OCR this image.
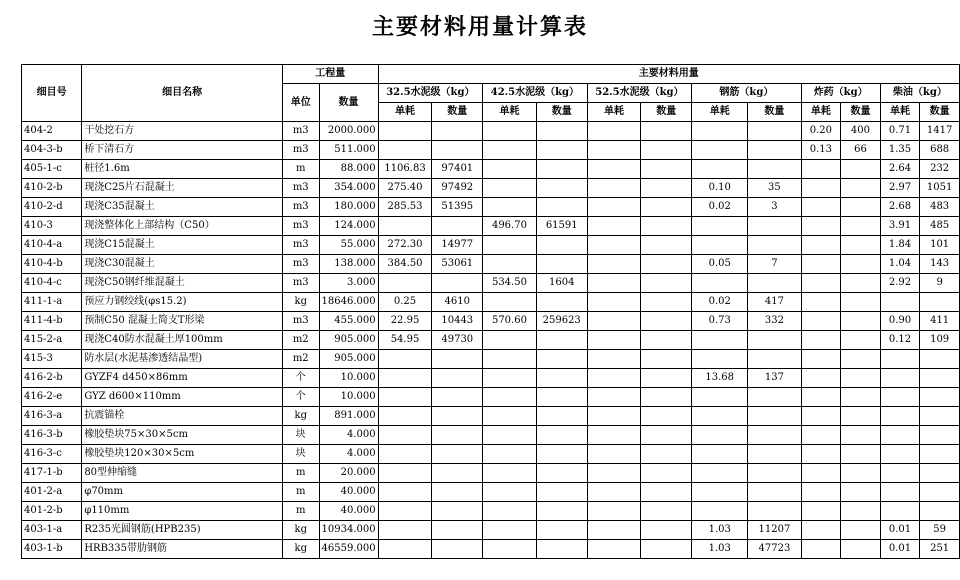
主要材料用量计算表
细目号	细目名称	工程量		主要材料用量											
		单位	数量	32.5水泥级（kg）		42.5水泥级（kg）		52.5水泥级（kg）		钢筋（kg）		炸药（kg）		柴油（kg）	
				单耗	数量	单耗	数量	单耗	数量	单耗	数量	单耗	数量	单耗	数量
404-2	干处挖石方	m3	2000.000									0.20	400	0.71	1417
404-3-b	桥下清石方	m3	511.000									0.13	66	1.35	688
405-1-c	桩径1.6m	m	88.000	1106.83	97401									2.64	232
410-2-b	现浇C25片石混凝土	m3	354.000	275.40	97492					0.10	35			2.97	1051
410-2-d	现浇C35混凝土	m3	180.000	285.53	51395					0.02	3			2.68	483
410-3	现浇整体化上部结构（C50）	m3	124.000			496.70	61591							3.91	485
410-4-a	现浇C15混凝土	m3	55.000	272.30	14977									1.84	101
410-4-b	现浇C30混凝土	m3	138.000	384.50	53061					0.05	7			1.04	143
410-4-c	现浇C50钢纤维混凝土	m3	3.000			534.50	1604							2.92	9
411-1-a	预应力钢绞线(φs15.2)	kg	18646.000	0.25	4610					0.02	417				
411-4-b	预制C50 混凝土简支T形梁	m3	455.000	22.95	10443	570.60	259623			0.73	332			0.90	411
415-2-a	现浇C40防水混凝土厚100mm	m2	905.000	54.95	49730									0.12	109
415-3	防水层(水泥基渗透结晶型)	m2	905.000												
416-2-b	GYZF4 d450×86mm	个	10.000							13.68	137				
416-2-e	GYZ d600×110mm	个	10.000												
416-3-a	抗震锚栓	kg	891.000												
416-3-b	橡胶垫块75×30×5cm	块	4.000												
416-3-c	橡胶垫块120×30×5cm	块	4.000												
417-1-b	80型伸缩缝	m	20.000												
401-2-a	φ70mm	m	40.000												
401-2-b	φ110mm	m	40.000												
403-1-a	R235光圆钢筋(HPB235)	kg	10934.000							1.03	11207			0.01	59
403-1-b	HRB335带肋钢筋	kg	46559.000							1.03	47723			0.01	251
